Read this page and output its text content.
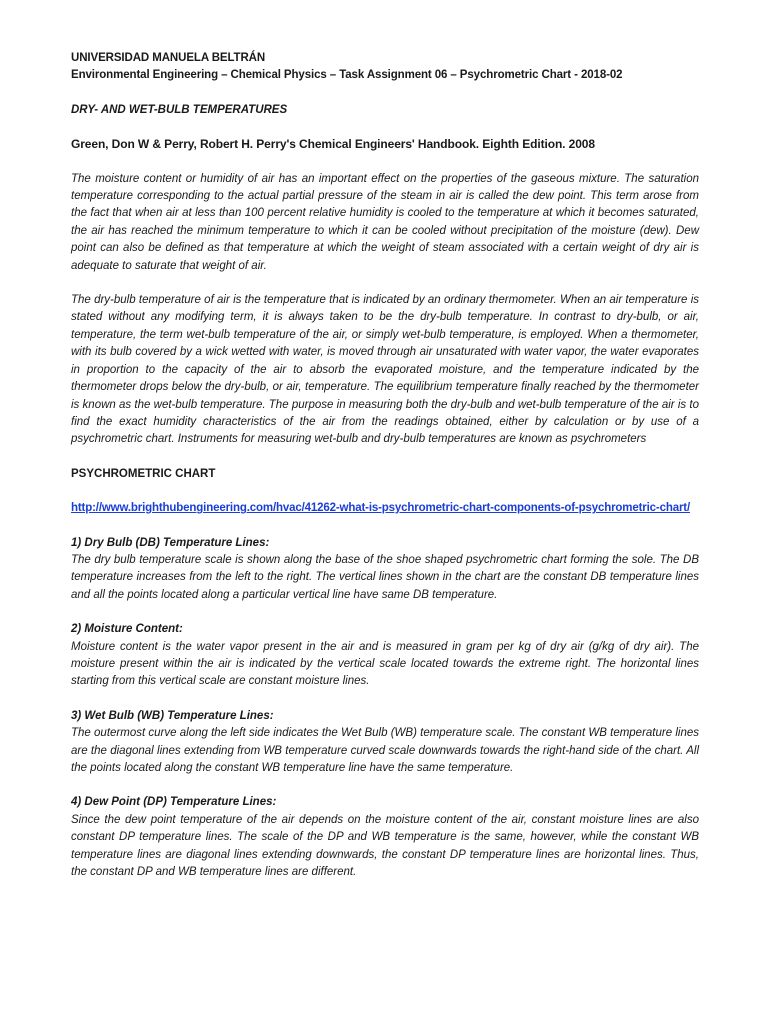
UNIVERSIDAD MANUELA BELTRÁN
Environmental Engineering – Chemical Physics – Task Assignment 06 – Psychrometric Chart - 2018-02
DRY- AND WET-BULB TEMPERATURES
Green, Don W & Perry, Robert H. Perry's Chemical Engineers' Handbook. Eighth Edition. 2008

The moisture content or humidity of air has an important effect on the properties of the gaseous mixture. The saturation temperature corresponding to the actual partial pressure of the steam in air is called the dew point. This term arose from the fact that when air at less than 100 percent relative humidity is cooled to the temperature at which it becomes saturated, the air has reached the minimum temperature to which it can be cooled without precipitation of the moisture (dew). Dew point can also be defined as that temperature at which the weight of steam associated with a certain weight of dry air is adequate to saturate that weight of air.

The dry-bulb temperature of air is the temperature that is indicated by an ordinary thermometer. When an air temperature is stated without any modifying term, it is always taken to be the dry-bulb temperature. In contrast to dry-bulb, or air, temperature, the term wet-bulb temperature of the air, or simply wet-bulb temperature, is employed. When a thermometer, with its bulb covered by a wick wetted with water, is moved through air unsaturated with water vapor, the water evaporates in proportion to the capacity of the air to absorb the evaporated moisture, and the temperature indicated by the thermometer drops below the dry-bulb, or air, temperature. The equilibrium temperature finally reached by the thermometer is known as the wet-bulb temperature. The purpose in measuring both the dry-bulb and wet-bulb temperature of the air is to find the exact humidity characteristics of the air from the readings obtained, either by calculation or by use of a psychrometric chart. Instruments for measuring wet-bulb and dry-bulb temperatures are known as psychrometers

PSYCHROMETRIC CHART
http://www.brighthubengineering.com/hvac/41262-what-is-psychrometric-chart-components-of-psychrometric-chart/
1) Dry Bulb (DB) Temperature Lines:

The dry bulb temperature scale is shown along the base of the shoe shaped psychrometric chart forming the sole. The DB temperature increases from the left to the right. The vertical lines shown in the chart are the constant DB temperature lines and all the points located along a particular vertical line have same DB temperature.

2) Moisture Content:

Moisture content is the water vapor present in the air and is measured in gram per kg of dry air (g/kg of dry air). The moisture present within the air is indicated by the vertical scale located towards the extreme right. The horizontal lines starting from this vertical scale are constant moisture lines.

3) Wet Bulb (WB) Temperature Lines:

The outermost curve along the left side indicates the Wet Bulb (WB) temperature scale. The constant WB temperature lines are the diagonal lines extending from WB temperature curved scale downwards towards the right-hand side of the chart. All the points located along the constant WB temperature line have the same temperature.

4) Dew Point (DP) Temperature Lines:

Since the dew point temperature of the air depends on the moisture content of the air, constant moisture lines are also constant DP temperature lines. The scale of the DP and WB temperature is the same, however, while the constant WB temperature lines are diagonal lines extending downwards, the constant DP temperature lines are horizontal lines. Thus, the constant DP and WB temperature lines are different.
